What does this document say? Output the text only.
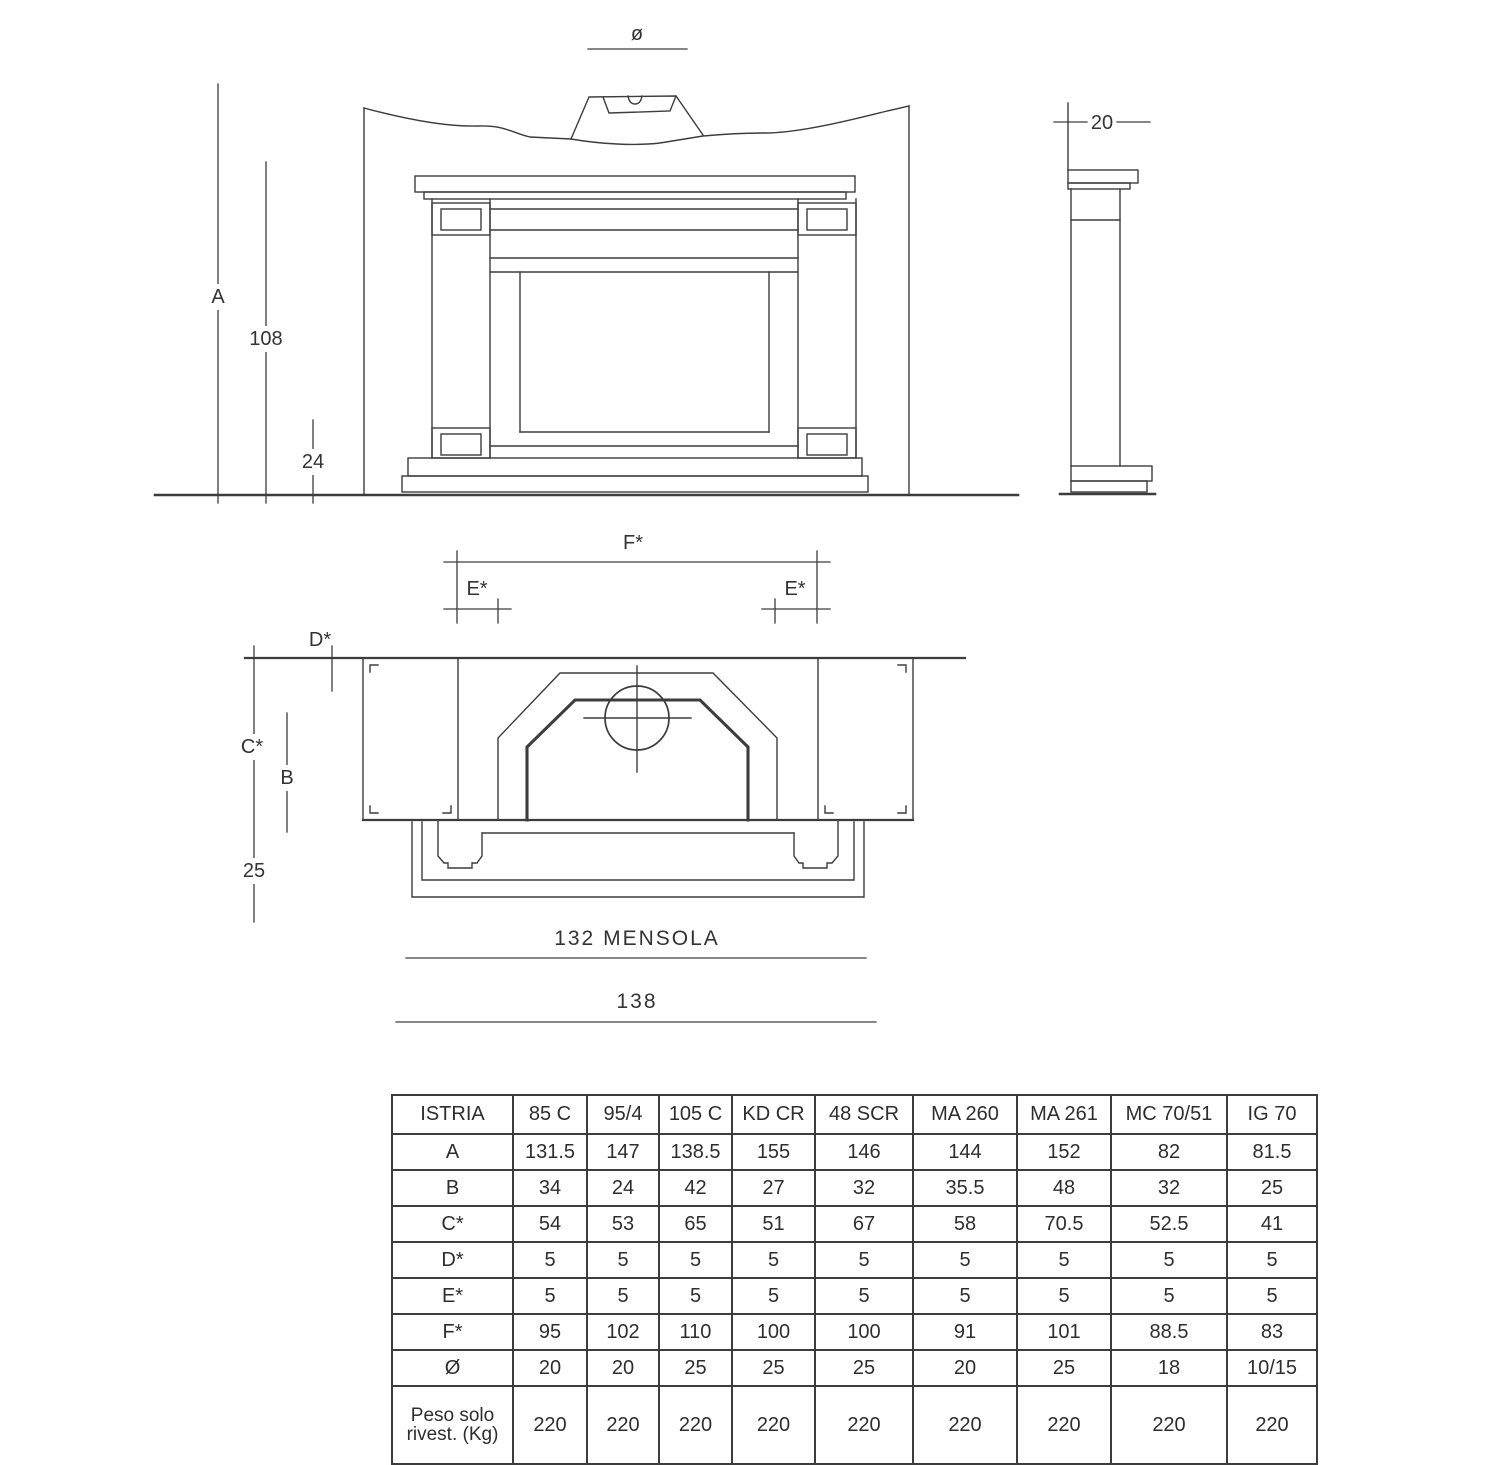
ø
A
108
24
20
F*
E*	E*
D*
C*
B
25
132 MENSOLA
138
ISTRIA	85 C	95/4	105 C	KD CR	48 SCR	MA 260	MA 261	MC 70/51	IG 70
A	131.5	147	138.5	155	146	144	152	82	81.5
B	34	24	42	27	32	35.5	48	32	25
C*	54	53	65	51	67	58	70.5	52.5	41
D*	5	5	5	5	5	5	5	5	5
E*	5	5	5	5	5	5	5	5	5
F*	95	102	110	100	100	91	101	88.5	83
Ø	20	20	25	25	25	20	25	18	10/15

Peso solo
rivest. (Kg)	220	220	220	220	220	220	220	220	220
